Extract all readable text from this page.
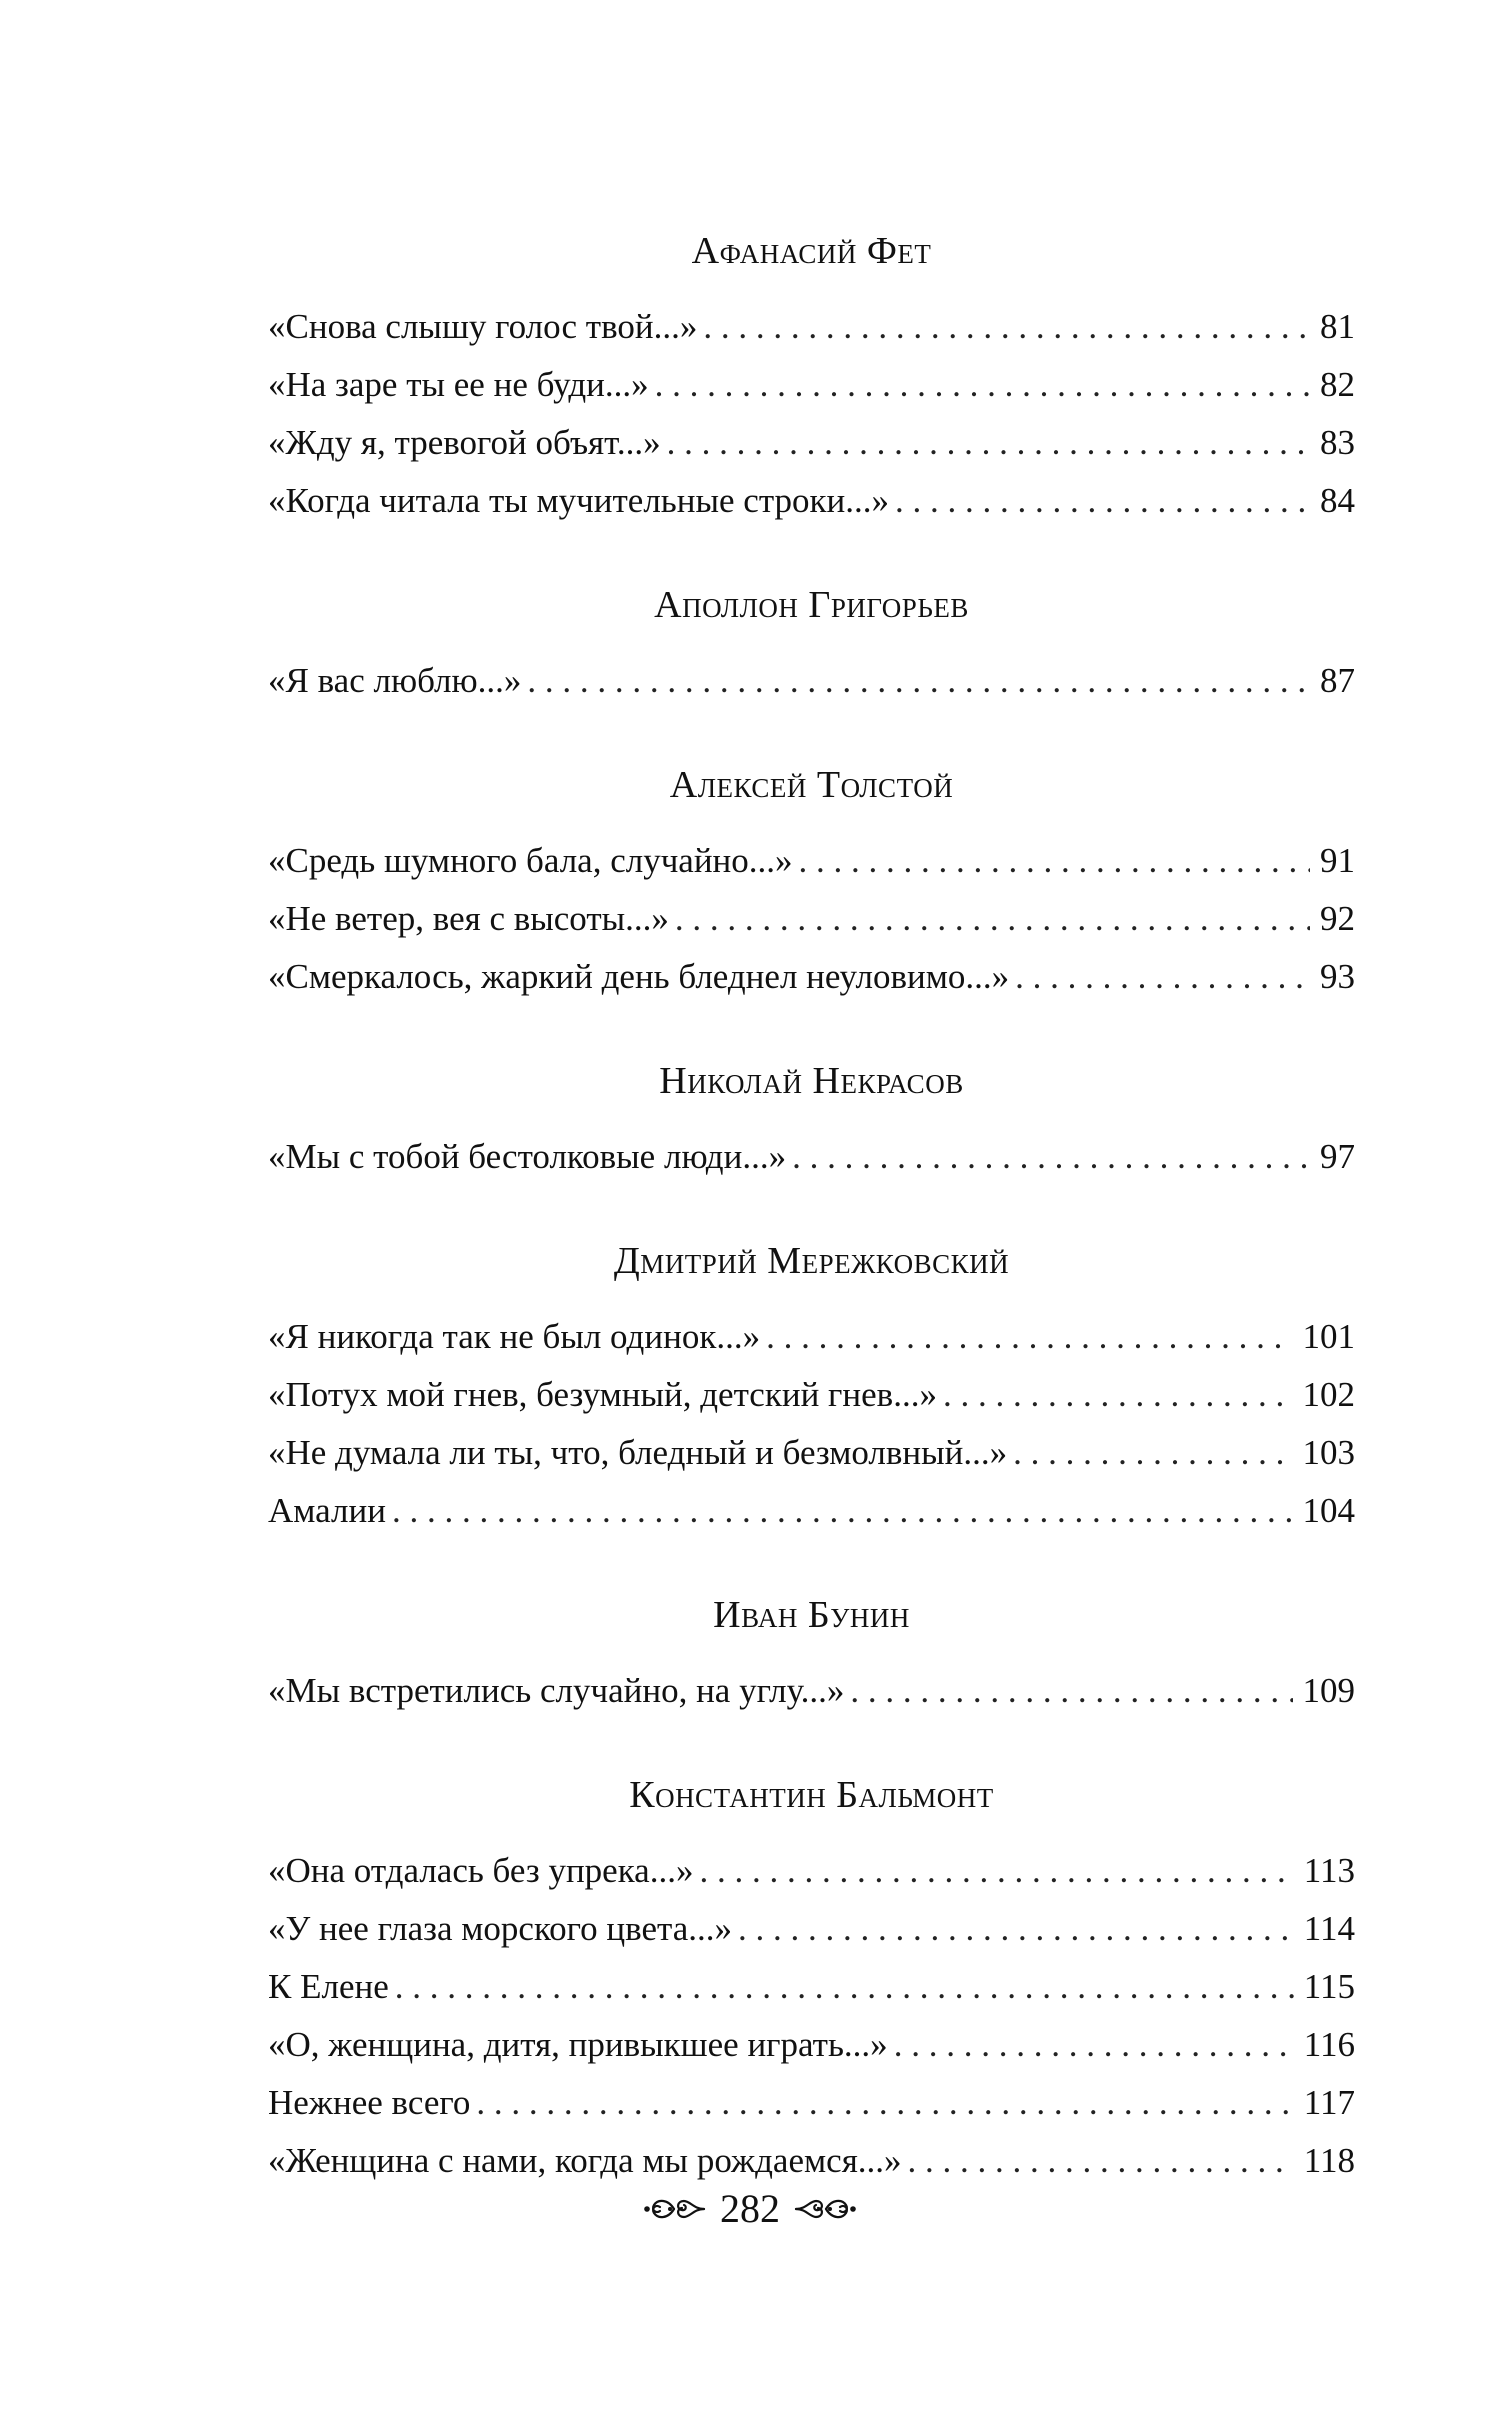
Афанасий Фет
«Снова слышу голос твой...» . . .	81
«На заре ты ее не буди...» . . .	82
«Жду я, тревогой объят...» . . .	83
«Когда читала ты мучительные строки...» . . .	84
Аполлон Григорьев
«Я вас люблю...» . . .	87
Алексей Толстой
«Средь шумного бала, случайно...» . . .	91
«Не ветер, вея с высоты...» . . .	92
«Смеркалось, жаркий день бледнел неуловимо...» . . .	93
Николай Некрасов
«Мы с тобой бестолковые люди...» . . .	97
Дмитрий Мережковский
«Я никогда так не был одинок...» . . .	101
«Потух мой гнев, безумный, детский гнев...» . . .	102
«Не думала ли ты, что, бледный и безмолвный...» . . .	103
Амалии . . .	104
Иван Бунин
«Мы встретились случайно, на углу...» . . .	109
Константин Бальмонт
«Она отдалась без упрека...» . . .	113
«У нее глаза морского цвета...» . . .	114
К Елене . . .	115
«О, женщина, дитя, привыкшее играть...» . . .	116
Нежнее всего . . .	117
«Женщина с нами, когда мы рождаемся...» . . .	118
282
